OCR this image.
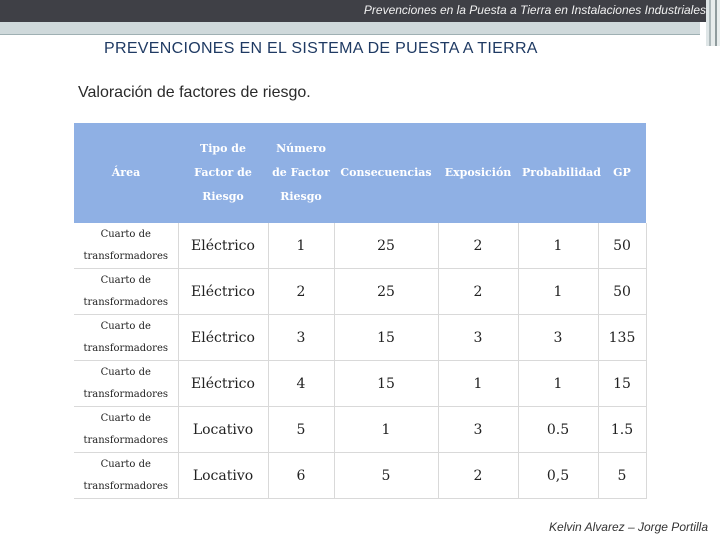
Prevenciones en la Puesta a Tierra en Instalaciones Industriales
PREVENCIONES EN EL SISTEMA DE PUESTA A TIERRA
Valoración de factores de riesgo.
Área	Tipo de Factor de Riesgo	Número de Factor Riesgo	Consecuencias	Exposición	Probabilidad	GP
Cuarto de transformadores	Eléctrico	1	25	2	1	50
Cuarto de transformadores	Eléctrico	2	25	2	1	50
Cuarto de transformadores	Eléctrico	3	15	3	3	135
Cuarto de transformadores	Eléctrico	4	15	1	1	15
Cuarto de transformadores	Locativo	5	1	3	0.5	1.5
Cuarto de transformadores	Locativo	6	5	2	0,5	5
Kelvin Alvarez – Jorge Portilla
